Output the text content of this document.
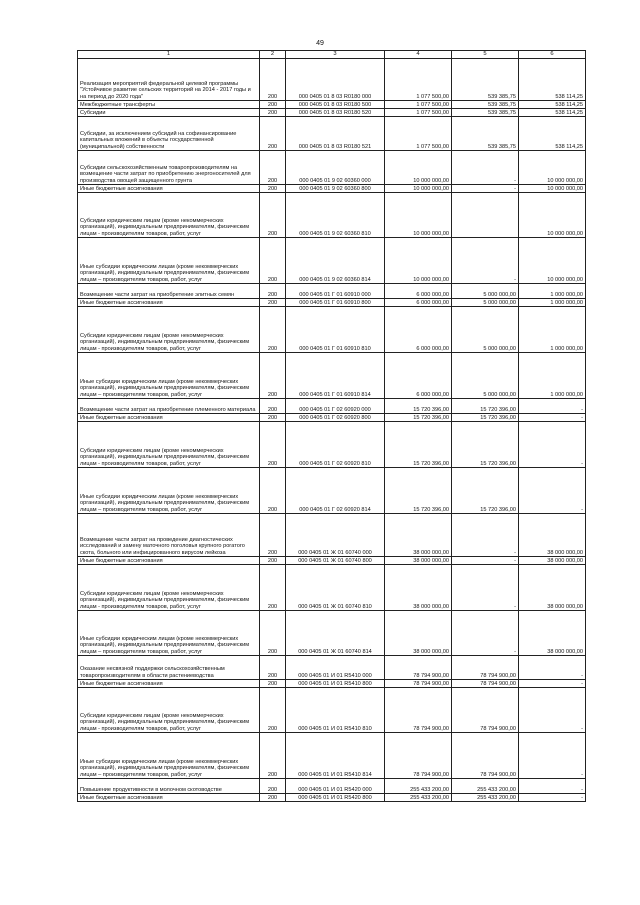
49
1	2	3	4	5	6
Реализация мероприятий федеральной целевой программы "Устойчивое развитие сельских территорий на 2014 - 2017 годы и на период до 2020 года"	200	000 0405 01 8 03 R0180 000	1 077 500,00	539 385,75	538 114,25
Межбюджетные трансферты	200	000 0405 01 8 03 R0180 500	1 077 500,00	539 385,75	538 114,25
Субсидии	200	000 0405 01 8 03 R0180 520	1 077 500,00	539 385,75	538 114,25
Субсидии, за исключением субсидий на софинансирование капитальных вложений в объекты государственной (муниципальной) собственности	200	000 0405 01 8 03 R0180 521	1 077 500,00	539 385,75	538 114,25
Субсидии сельскохозяйственным товаропроизводителям на возмещение части затрат по приобретению энергоносителей для производства овощей защищенного грунта	200	000 0405 01 9 02 60360 000	10 000 000,00	-	10 000 000,00
Иные бюджетные ассигнования	200	000 0405 01 9 02 60360 800	10 000 000,00	-	10 000 000,00
Субсидии юридическим лицам (кроме некоммерческих организаций), индивидуальным предпринимателям, физическим лицам - производителям товаров, работ, услуг	200	000 0405 01 9 02 60360 810	10 000 000,00		10 000 000,00
Иные субсидии юридическим лицам (кроме некоммерческих организаций), индивидуальным предпринимателям, физическим лицам – производителям товаров, работ, услуг	200	000 0405 01 9 02 60360 814	10 000 000,00	-	10 000 000,00
Возмещение части затрат на приобретение элитных семян	200	000 0405 01 Г 01 60910 000	6 000 000,00	5 000 000,00	1 000 000,00
Иные бюджетные ассигнования	200	000 0405 01 Г 01 60910 800	6 000 000,00	5 000 000,00	1 000 000,00
Субсидии юридическим лицам (кроме некоммерческих организаций), индивидуальным предпринимателям, физическим лицам - производителям товаров, работ, услуг	200	000 0405 01 Г 01 60910 810	6 000 000,00	5 000 000,00	1 000 000,00
Иные субсидии юридическим лицам (кроме некоммерческих организаций), индивидуальным предпринимателям, физическим лицам – производителям товаров, работ, услуг	200	000 0405 01 Г 01 60910 814	6 000 000,00	5 000 000,00	1 000 000,00
Возмещение части затрат на приобретение племенного материала	200	000 0405 01 Г 02 60920 000	15 720 396,00	15 720 396,00	-
Иные бюджетные ассигнования	200	000 0405 01 Г 02 60920 800	15 720 396,00	15 720 396,00	-
Субсидии юридическим лицам (кроме некоммерческих организаций), индивидуальным предпринимателям, физическим лицам - производителям товаров, работ, услуг	200	000 0405 01 Г 02 60920 810	15 720 396,00	15 720 396,00	-
Иные субсидии юридическим лицам (кроме некоммерческих организаций), индивидуальным предпринимателям, физическим лицам – производителям товаров, работ, услуг	200	000 0405 01 Г 02 60920 814	15 720 396,00	15 720 396,00	-
Возмещение части затрат на проведение диагностических исследований и замену маточного поголовья крупного рогатого скота, больного или инфицированного вирусом лейкоза	200	000 0405 01 Ж 01 60740 000	38 000 000,00	-	38 000 000,00
Иные бюджетные ассигнования	200	000 0405 01 Ж 01 60740 800	38 000 000,00	-	38 000 000,00
Субсидии юридическим лицам (кроме некоммерческих организаций), индивидуальным предпринимателям, физическим лицам - производителям товаров, работ, услуг	200	000 0405 01 Ж 01 60740 810	38 000 000,00	-	38 000 000,00
Иные субсидии юридическим лицам (кроме некоммерческих организаций), индивидуальным предпринимателям, физическим лицам – производителям товаров, работ, услуг	200	000 0405 01 Ж 01 60740 814	38 000 000,00	-	38 000 000,00
Оказание несвязной поддержки сельскохозяйственным товаропроизводителям в области растениеводства	200	000 0405 01 И 01 R5410 000	78 794 900,00	78 794 900,00	-
Иные бюджетные ассигнования	200	000 0405 01 И 01 R5410 800	78 794 900,00	78 794 900,00	-
Субсидии юридическим лицам (кроме некоммерческих организаций), индивидуальным предпринимателям, физическим лицам - производителям товаров, работ, услуг	200	000 0405 01 И 01 R5410 810	78 794 900,00	78 794 900,00	-
Иные субсидии юридическим лицам (кроме некоммерческих организаций), индивидуальным предпринимателям, физическим лицам – производителям товаров, работ, услуг	200	000 0405 01 И 01 R5410 814	78 794 900,00	78 794 900,00	-
Повышение продуктивности в молочном скотоводстве	200	000 0405 01 И 01 R5420 000	255 433 200,00	255 433 200,00	-
Иные бюджетные ассигнования	200	000 0405 01 И 01 R5420 800	255 433 200,00	255 433 200,00	-
